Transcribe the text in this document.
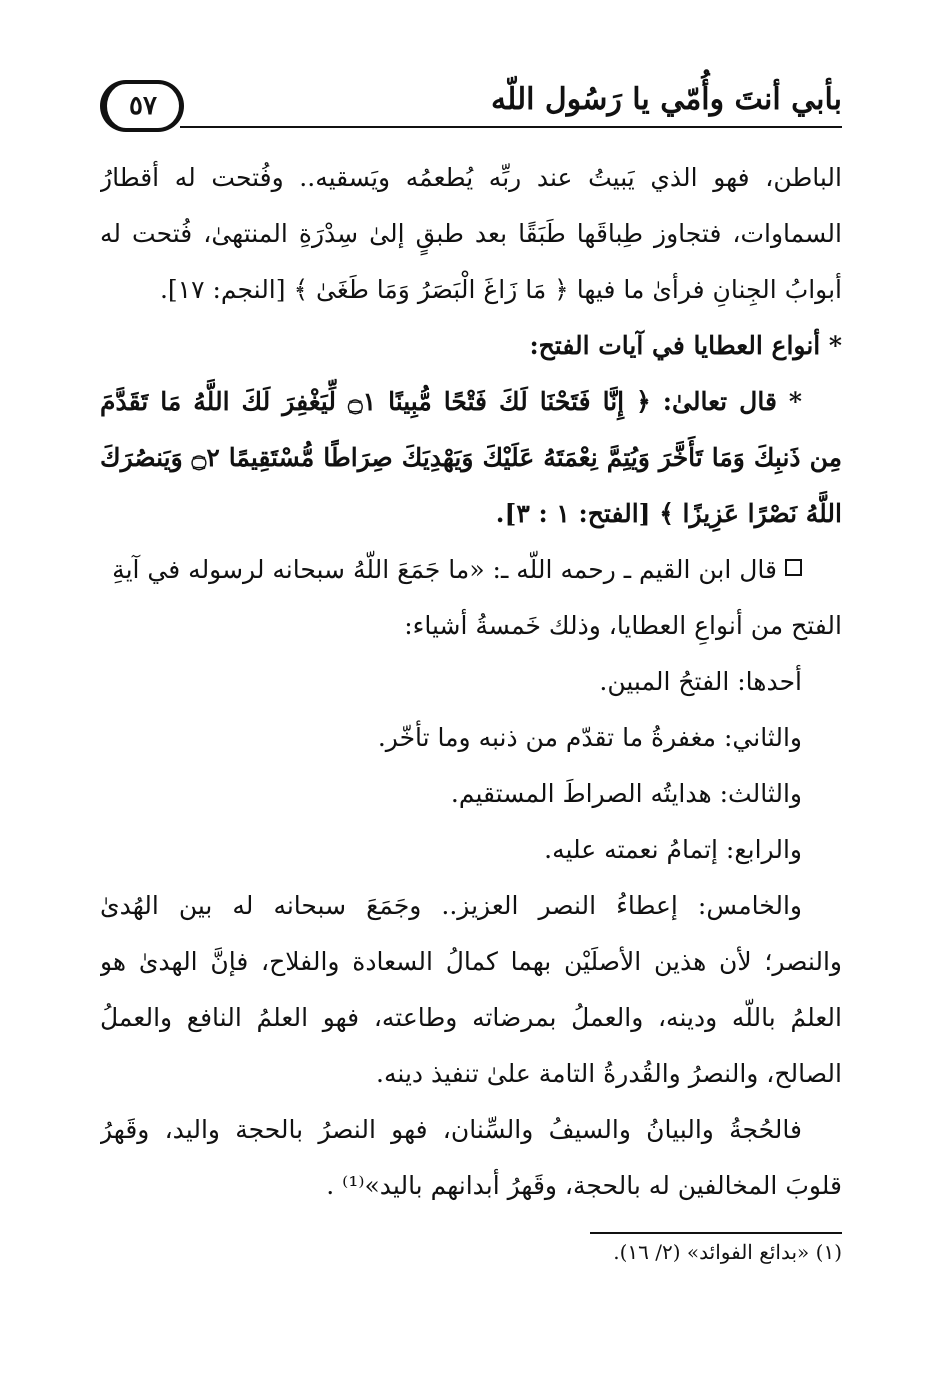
بأبي أنتَ وأُمّي يا رَسُول اللّه
٥٧
الباطن، فهو الذي يَبيتُ عند ربِّه يُطعمُه ويَسقيه.. وفُتحت له أقطارُ
السماوات، فتجاوز طِباقَها طَبَقًا بعد طبقٍ إلىٰ سِدْرَةِ المنتهىٰ، فُتحت له
أبوابُ الجِنانِ فرأىٰ ما فيها ﴿ مَا زَاغَ الْبَصَرُ وَمَا طَغَىٰ ﴾ [النجم: ١٧].
* أنواع العطايا في آيات الفتح:
* قال تعالىٰ: ﴿ إِنَّا فَتَحْنَا لَكَ فَتْحًا مُّبِينًا ۝١ لِّيَغْفِرَ لَكَ اللَّهُ مَا تَقَدَّمَ
مِن ذَنبِكَ وَمَا تَأَخَّرَ وَيُتِمَّ نِعْمَتَهُ عَلَيْكَ وَيَهْدِيَكَ صِرَاطًا مُّسْتَقِيمًا ۝٢ وَيَنصُرَكَ
اللَّهُ نَصْرًا عَزِيزًا ﴾ [الفتح: ١ : ٣].
قال ابن القيم ـ رحمه اللّه ـ: «ما جَمَعَ اللّهُ سبحانه لرسوله في آيةِ
الفتح من أنواعِ العطايا، وذلك خَمسةُ أشياء:
أحدها: الفتحُ المبين.
والثاني: مغفرةُ ما تقدّم من ذنبه وما تأخّر.
والثالث: هدايتُه الصراطَ المستقيم.
والرابع: إتمامُ نعمته عليه.
والخامس: إعطاءُ النصر العزيز.. وجَمَعَ سبحانه له بين الهُدىٰ
والنصر؛ لأن هذين الأصلَيْن بهما كمالُ السعادة والفلاح، فإنَّ الهدىٰ هو
العلمُ باللّه ودينه، والعملُ بمرضاته وطاعته، فهو العلمُ النافع والعملُ
الصالح، والنصرُ والقُدرةُ التامة علىٰ تنفيذ دينه.
فالحُجةُ والبيانُ والسيفُ والسِّنان، فهو النصرُ بالحجة واليد، وقَهرُ
قلوبَ المخالفين له بالحجة، وقَهرُ أبدانهم باليد»⁽¹⁾ .
(١) «بدائع الفوائد» (٢/ ١٦).
